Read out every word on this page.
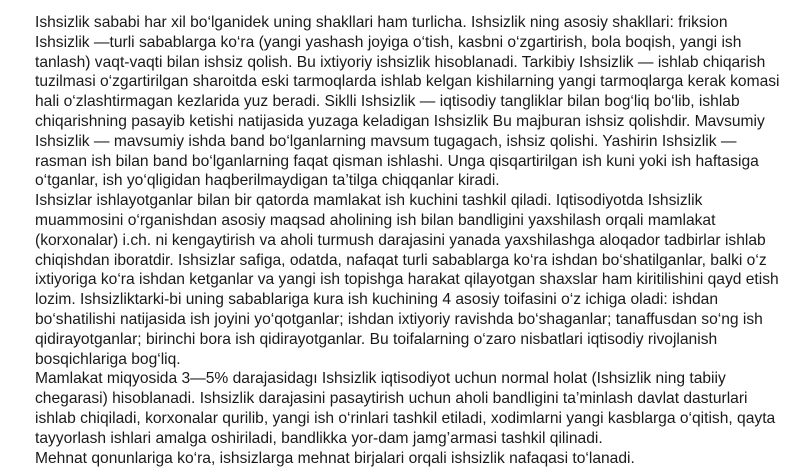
Ishsizlik sababi har xil bo‘lganidek uning shakllari ham turlicha. Ishsizlik ning asosiy shakllari: friksion Ishsizlik —turli sabablarga ko‘ra (yangi yashash joyiga o‘tish, kasbni o‘zgartirish, bola boqish, yangi ish tanlash) vaqt-vaqti bilan ishsiz qolish. Bu ixtiyoriy ishsizlik hisoblanadi. Tarkibiy Ishsizlik — ishlab chiqarish tuzilmasi o‘zgartirilgan sharoitda eski tarmoqlarda ishlab kelgan kishilarning yangi tarmoqlarga kerak komasi hali o‘zlashtirmagan kezlarida yuz beradi. Sikllі Ishsizlik — iqtisodiy tangliklar bilan bog‘liq bo‘lib, ishlab chiqarishning pasayib ketishi natijasida yuzaga keladigan Ishsizlik Bu majburan ishsiz qolishdir. Mavsumiy Ishsizlik — mavsumiy ishda band bo‘lganlarning mavsum tugagach, ishsiz qolishi. Yashirin Ishsizlik — rasman ish bilan band bo‘lganlarning faqat qisman ishlashi. Unga qisqartirilgan ish kuni yoki ish haftasiga o‘tganlar, ish yo‘qligidan haqberilmaydigan ta’tilga chiqqanlar kiradi.

Ishsizlar ishlayotganlar bilan bir qatorda mamlakat ish kuchini tashkil qiladi. Iqtisodiyotda Ishsizlik muammosini o‘rganishdan asosiy maqsad aholining ish bilan bandligini yaxshilash orqali mamlakat (korxonalar) i.ch. ni kengaytirish va aholi turmush darajasini yanada yaxshilashga aloqador tadbirlar ishlab chiqishdan iboratdir. Ishsizlar safiga, odatda, nafaqat turli sabablarga ko‘ra ishdan bo‘shatilganlar, balki o‘z ixtiyoriga ko‘ra ishdan ketganlar va yangi ish topishga harakat qilayotgan shaxslar ham kiritilishini qayd etish lozim. Ishsizliktarki-bi uning sabablariga kura ish kuchining 4 asosiy toifasini o‘z ichiga oladi: ishdan bo‘shatilishi natijasida ish joyini yo‘qotganlar; ishdan ixtiyoriy ravishda bo‘shaganlar; tanaffusdan so‘ng ish qidirayotganlar; birinchi bora ish qidirayotganlar. Bu toifalarning o‘zaro nisbatlari iqtisodiy rivojlanish bosqichlariga bog‘liq.

Mamlakat miqyosida 3—5% darajasidagı Ishsizlik iqtisodiyot uchun normal holat (Ishsizlik ning tabiiy chegarasi) hisoblanadi. Ishsizlik darajasini pasaytirish uchun aholi bandligini ta’minlash davlat dasturlari ishlab chiqiladi, korxonalar qurilib, yangi ish o‘rinlari tashkil etiladi, xodimlarni yangi kasblarga o‘qitish, qayta tayyorlash ishlari amalga oshiriladi, bandlikka yor-dam jamg’armasi tashkil qilinadi.

Mehnat qonunlariga ko‘ra, ishsizlarga mehnat birjalari orqali ishsizlik nafaqasi to‘lanadi.
